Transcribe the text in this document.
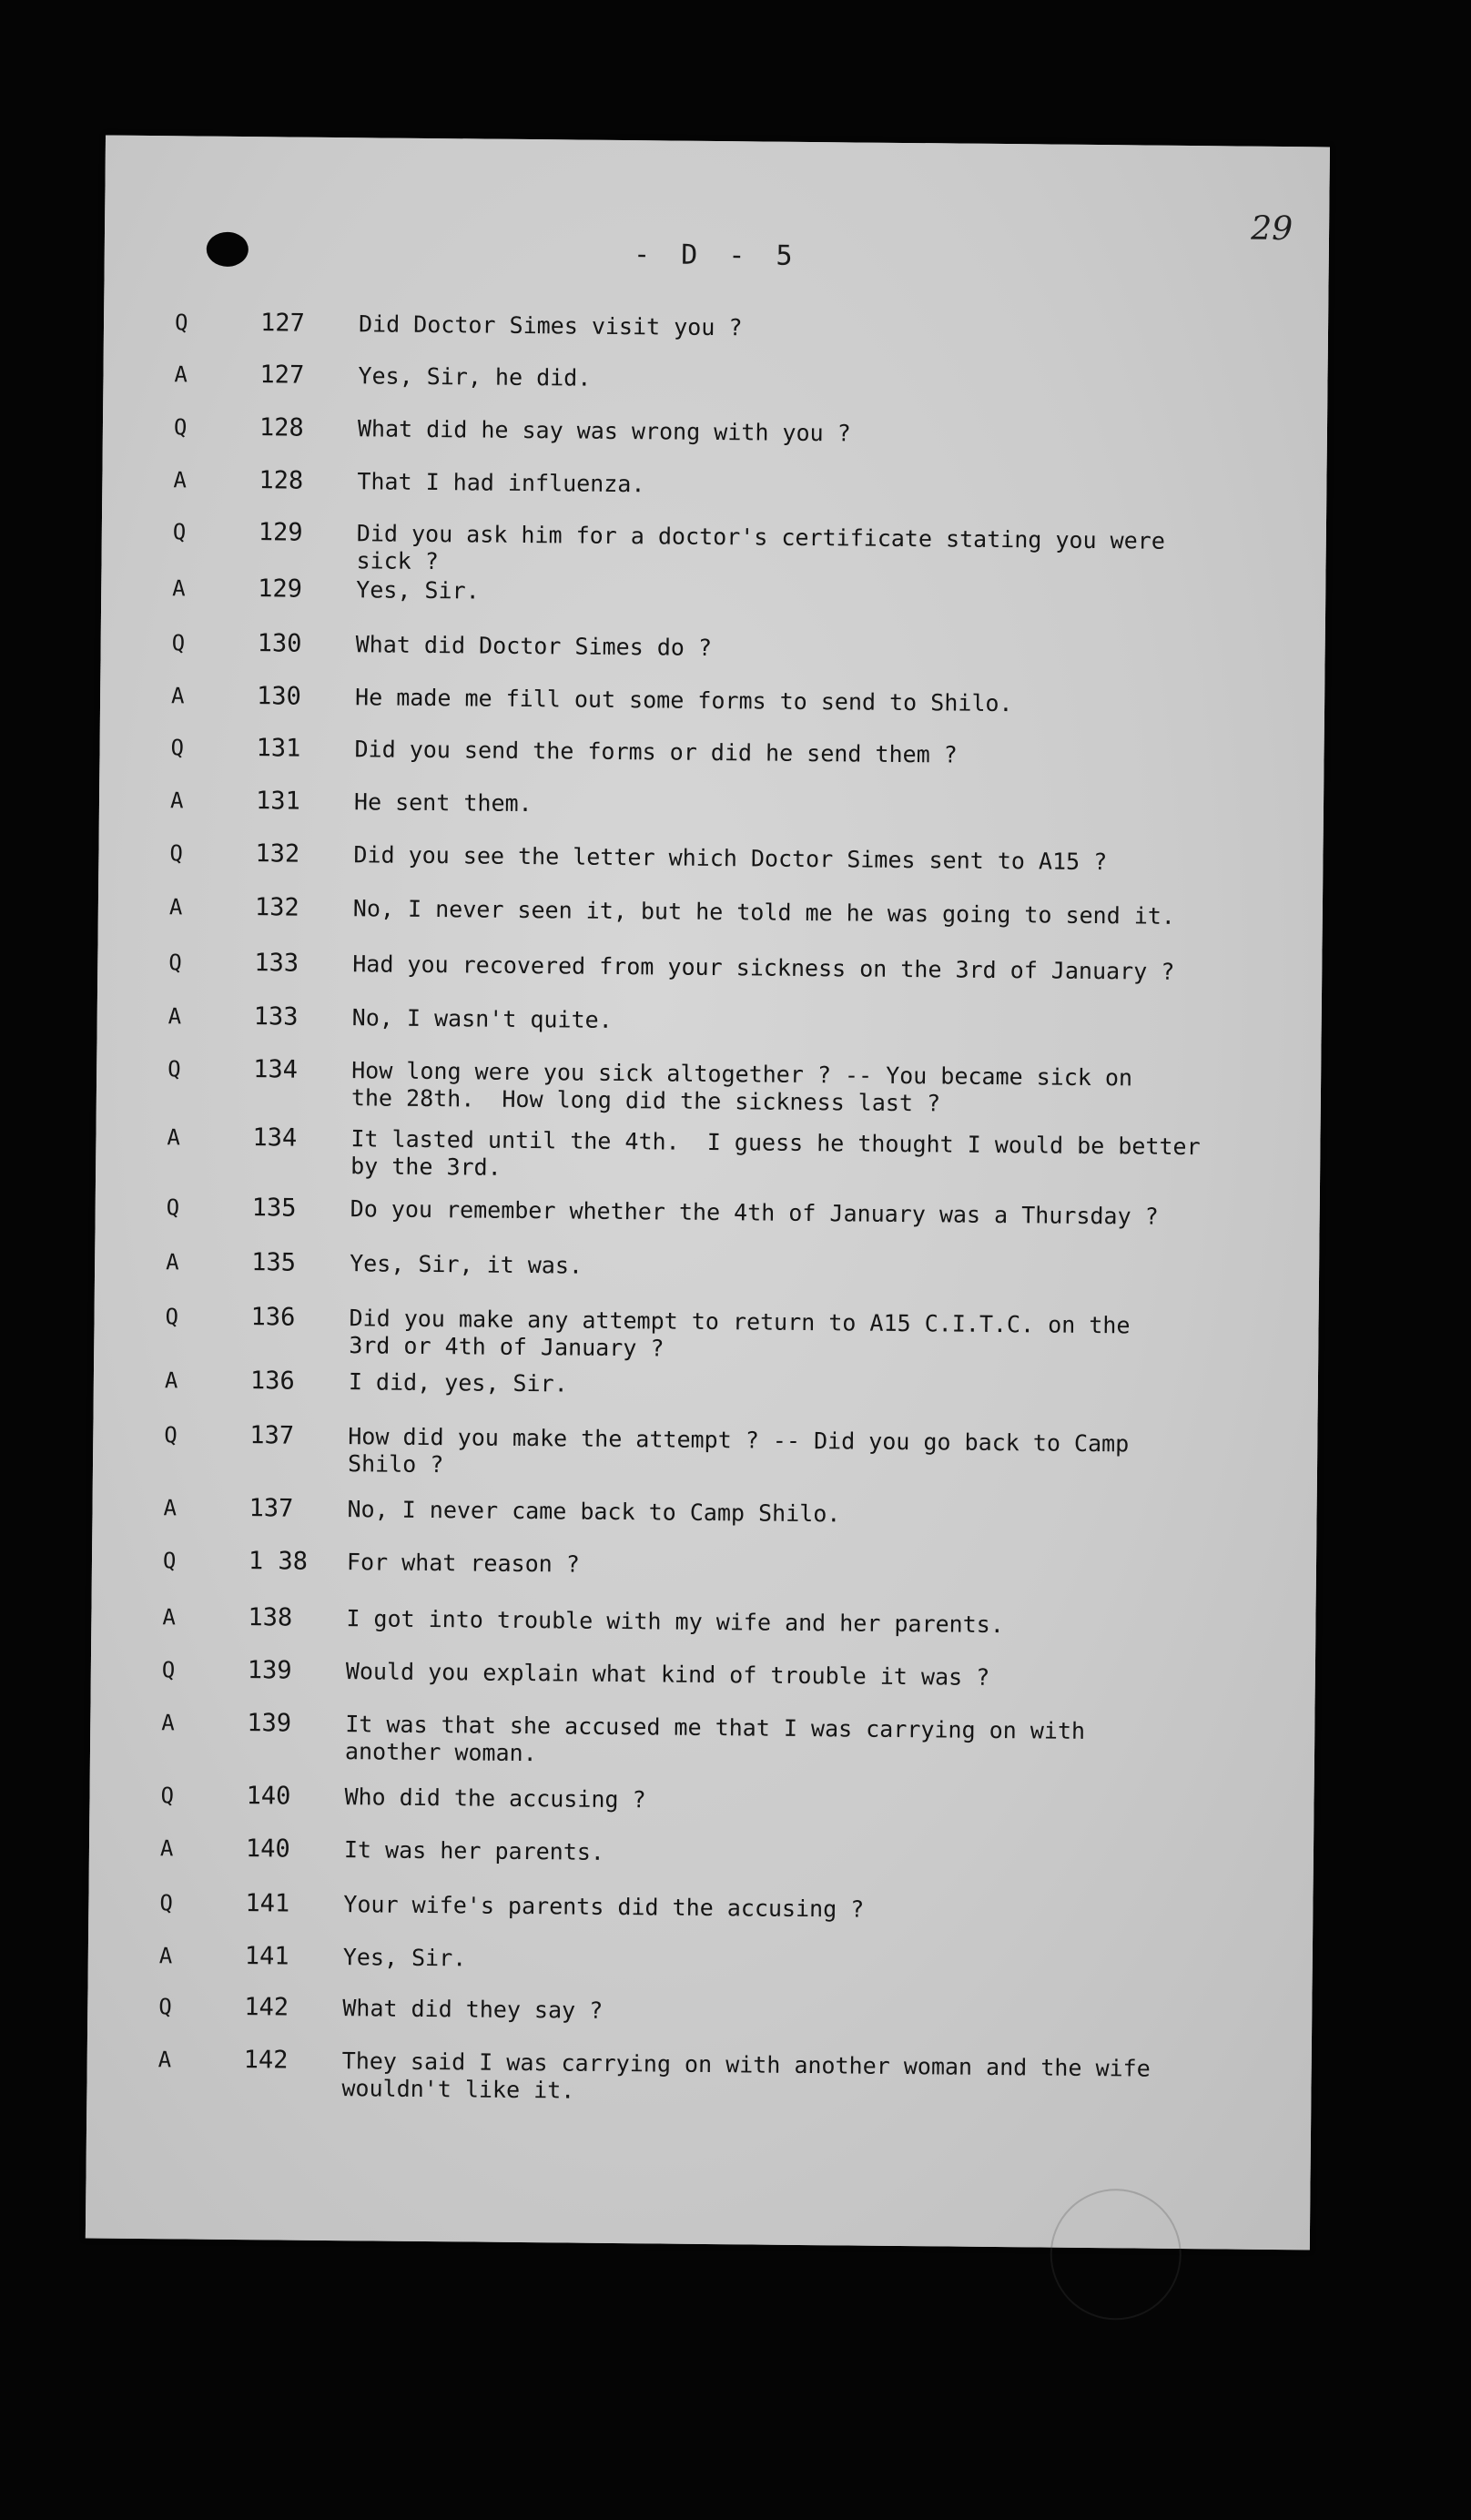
29
- D - 5
Q	127	Did Doctor Simes visit you ?
A	127	Yes, Sir, he did.
Q	128	What did he say was wrong with you ?
A	128	That I had influenza.
Q	129	Did you ask him for a doctor's certificate stating you were
sick ?
A	129	Yes, Sir.
Q	130	What did Doctor Simes do ?
A	130	He made me fill out some forms to send to Shilo.
Q	131	Did you send the forms or did he send them ?
A	131	He sent them.
Q	132	Did you see the letter which Doctor Simes sent to A15 ?
A	132	No, I never seen it, but he told me he was going to send it.
Q	133	Had you recovered from your sickness on the 3rd of January ?
A	133	No, I wasn't quite.
Q	134	How long were you sick altogether ? -- You became sick on
the 28th.  How long did the sickness last ?
A	134	It lasted until the 4th.  I guess he thought I would be better
by the 3rd.
Q	135	Do you remember whether the 4th of January was a Thursday ?
A	135	Yes, Sir, it was.
Q	136	Did you make any attempt to return to A15 C.I.T.C. on the
3rd or 4th of January ?
A	136	I did, yes, Sir.
Q	137	How did you make the attempt ? -- Did you go back to Camp
Shilo ?
A	137	No, I never came back to Camp Shilo.
Q	1 38	For what reason ?
A	138	I got into trouble with my wife and her parents.
Q	139	Would you explain what kind of trouble it was ?
A	139	It was that she accused me that I was carrying on with
another woman.
Q	140	Who did the accusing ?
A	140	It was her parents.
Q	141	Your wife's parents did the accusing ?
A	141	Yes, Sir.
Q	142	What did they say ?
A	142	They said I was carrying on with another woman and the wife
wouldn't like it.
